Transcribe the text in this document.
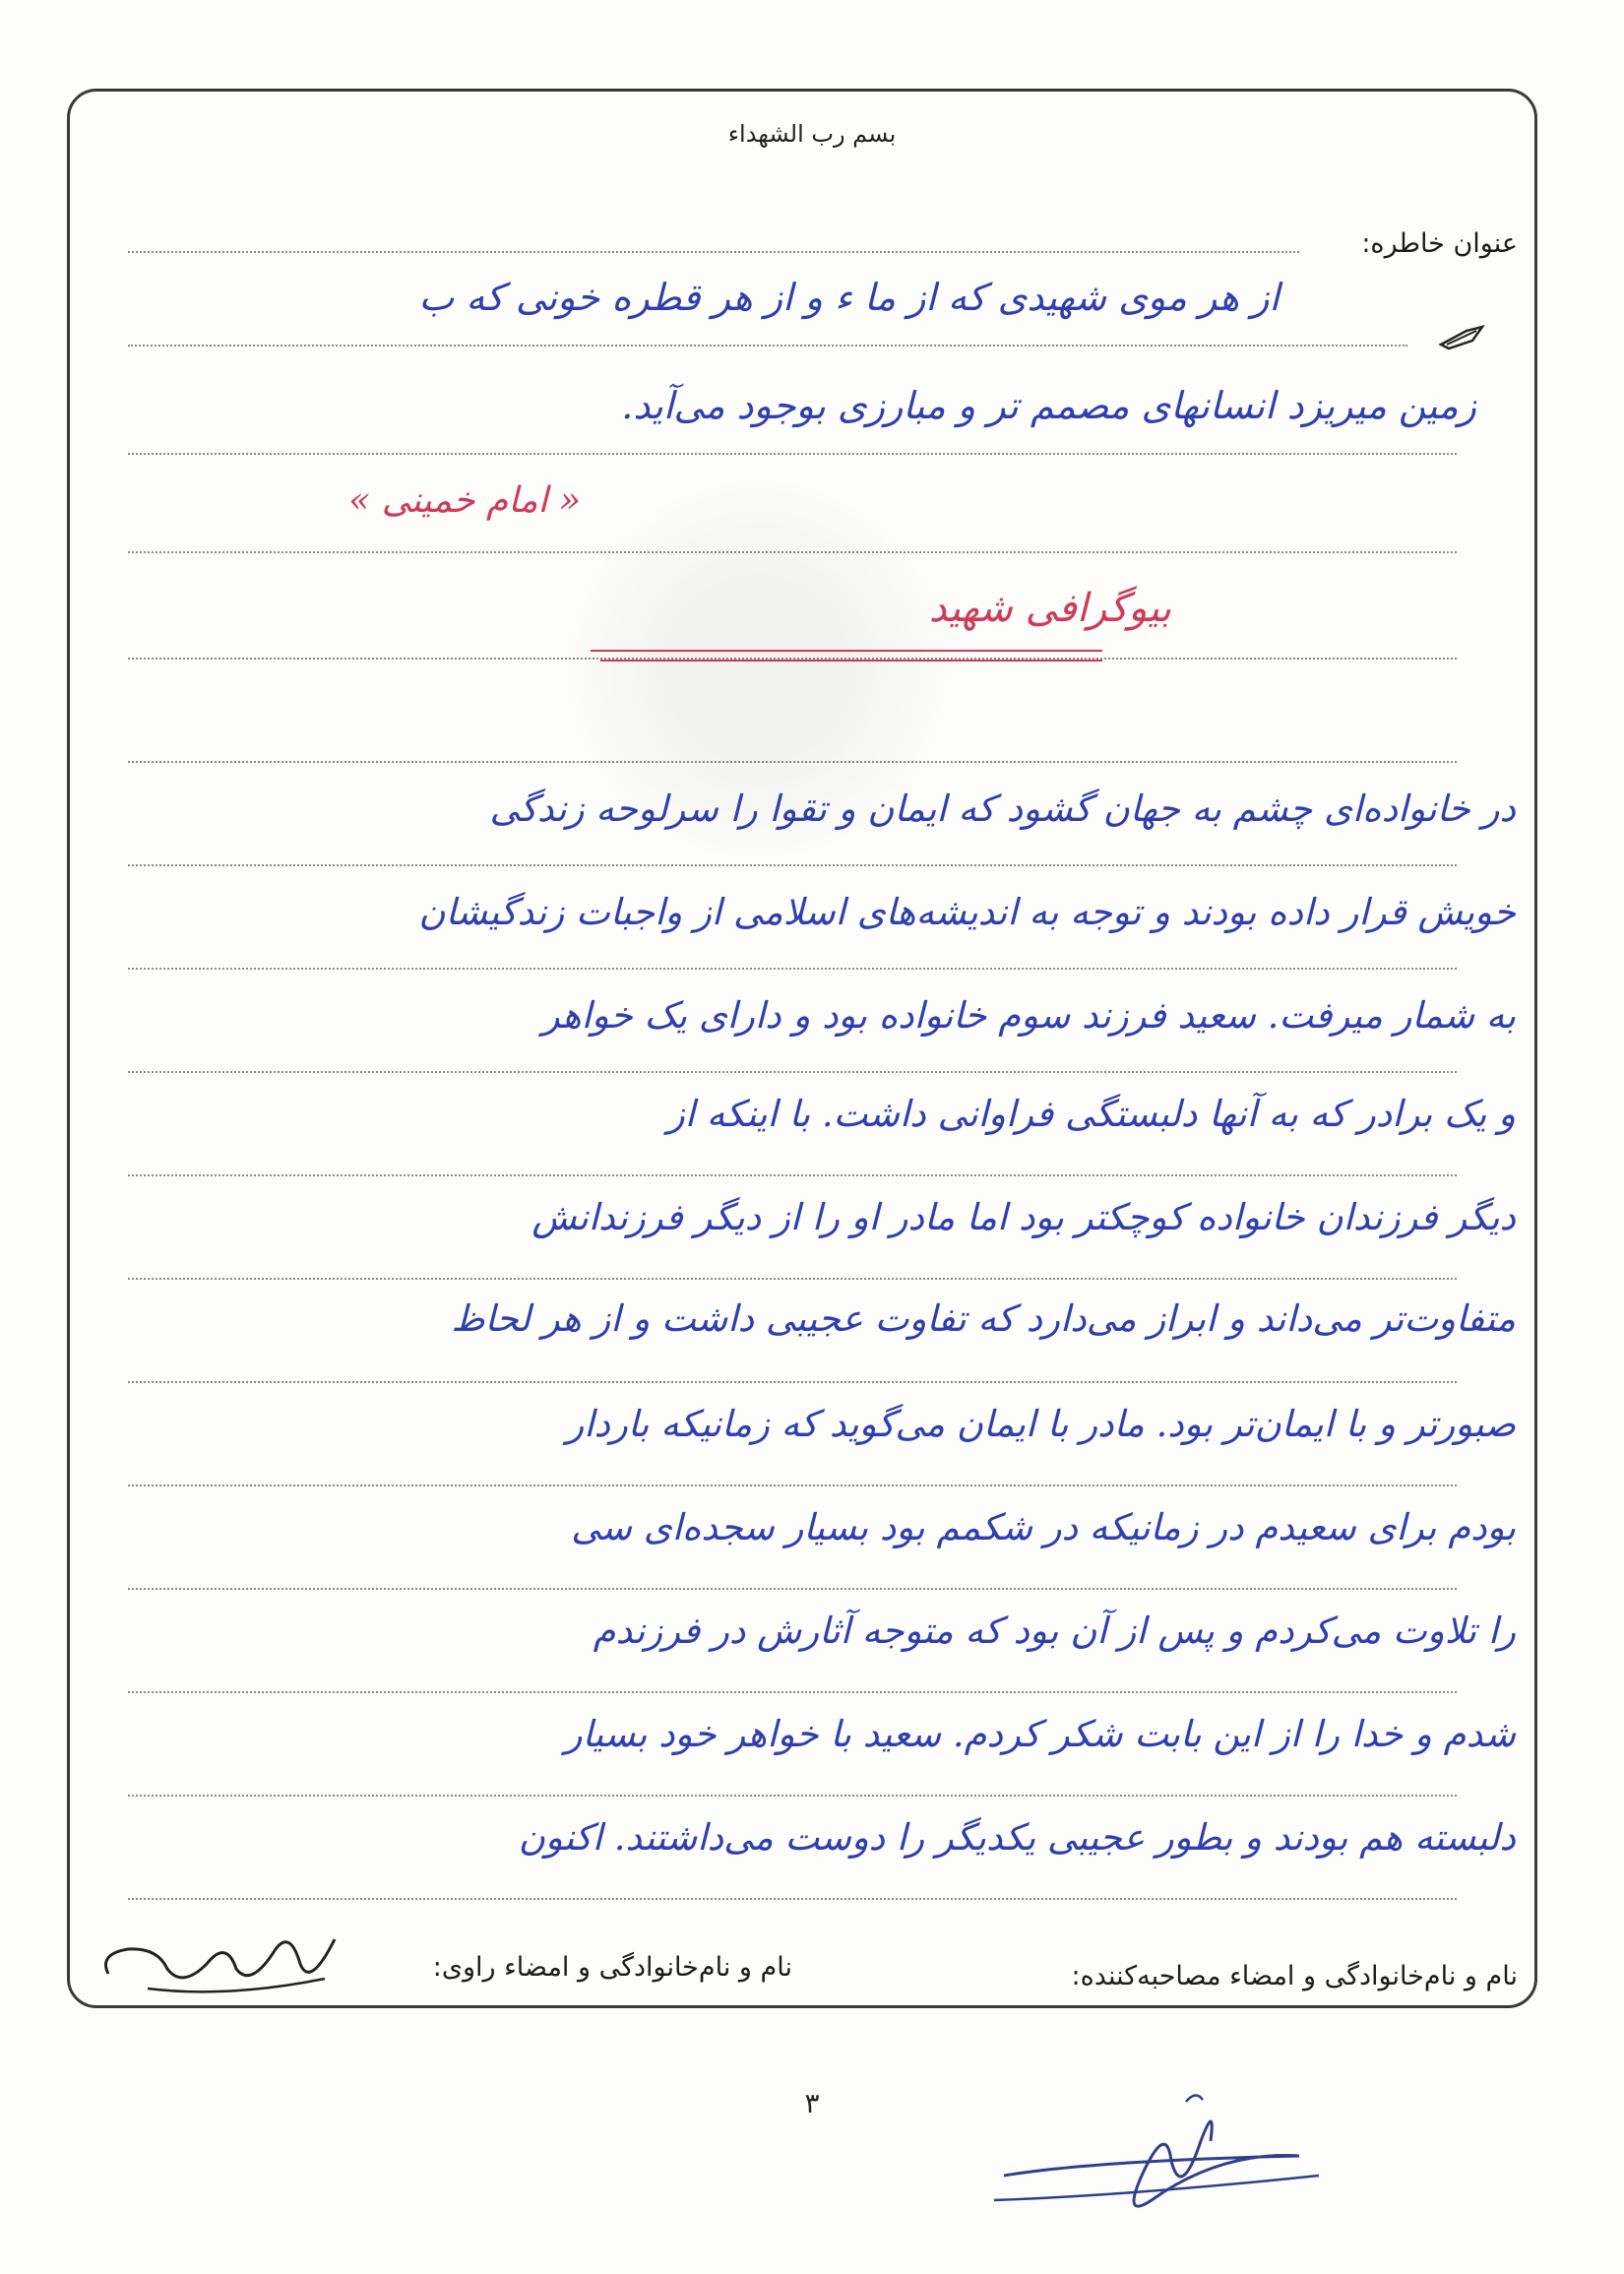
بسم رب الشهداء
عنوان خاطره:
از هر موی شهیدی که از ما ء و از هر قطره خونی که ب
زمین میریزد انسانهای مصمم تر و مبارزی بوجود می‌آید.
« امام خمینی »
بیوگرافی شهید
در خانواده‌ای چشم به جهان گشود که ایمان و تقوا را سرلوحه زندگی
خویش قرار داده بودند و توجه به اندیشه‌های اسلامی از واجبات زندگیشان
به شمار میرفت. سعید فرزند سوم خانواده بود و دارای یک خواهر
و یک برادر که به آنها دلبستگی فراوانی داشت. با اینکه از
دیگر فرزندان خانواده کوچکتر بود اما مادر او را از دیگر فرزندانش
متفاوت‌تر می‌داند و ابراز می‌دارد که تفاوت عجیبی داشت و از هر لحاظ
صبورتر و با ایمان‌تر بود. مادر با ایمان می‌گوید که زمانیکه باردار
بودم برای سعیدم در زمانیکه در شکمم بود بسیار سجده‌ای سی
را تلاوت می‌کردم و پس از آن بود که متوجه آثارش در فرزندم
شدم و خدا را از این بابت شکر کردم. سعید با خواهر خود بسیار
دلبسته هم بودند و بطور عجیبی یکدیگر را دوست می‌داشتند. اکنون
نام و نام‌خانوادگی و امضاء مصاحبه‌کننده:
نام و نام‌خانوادگی و امضاء راوی:
۳
